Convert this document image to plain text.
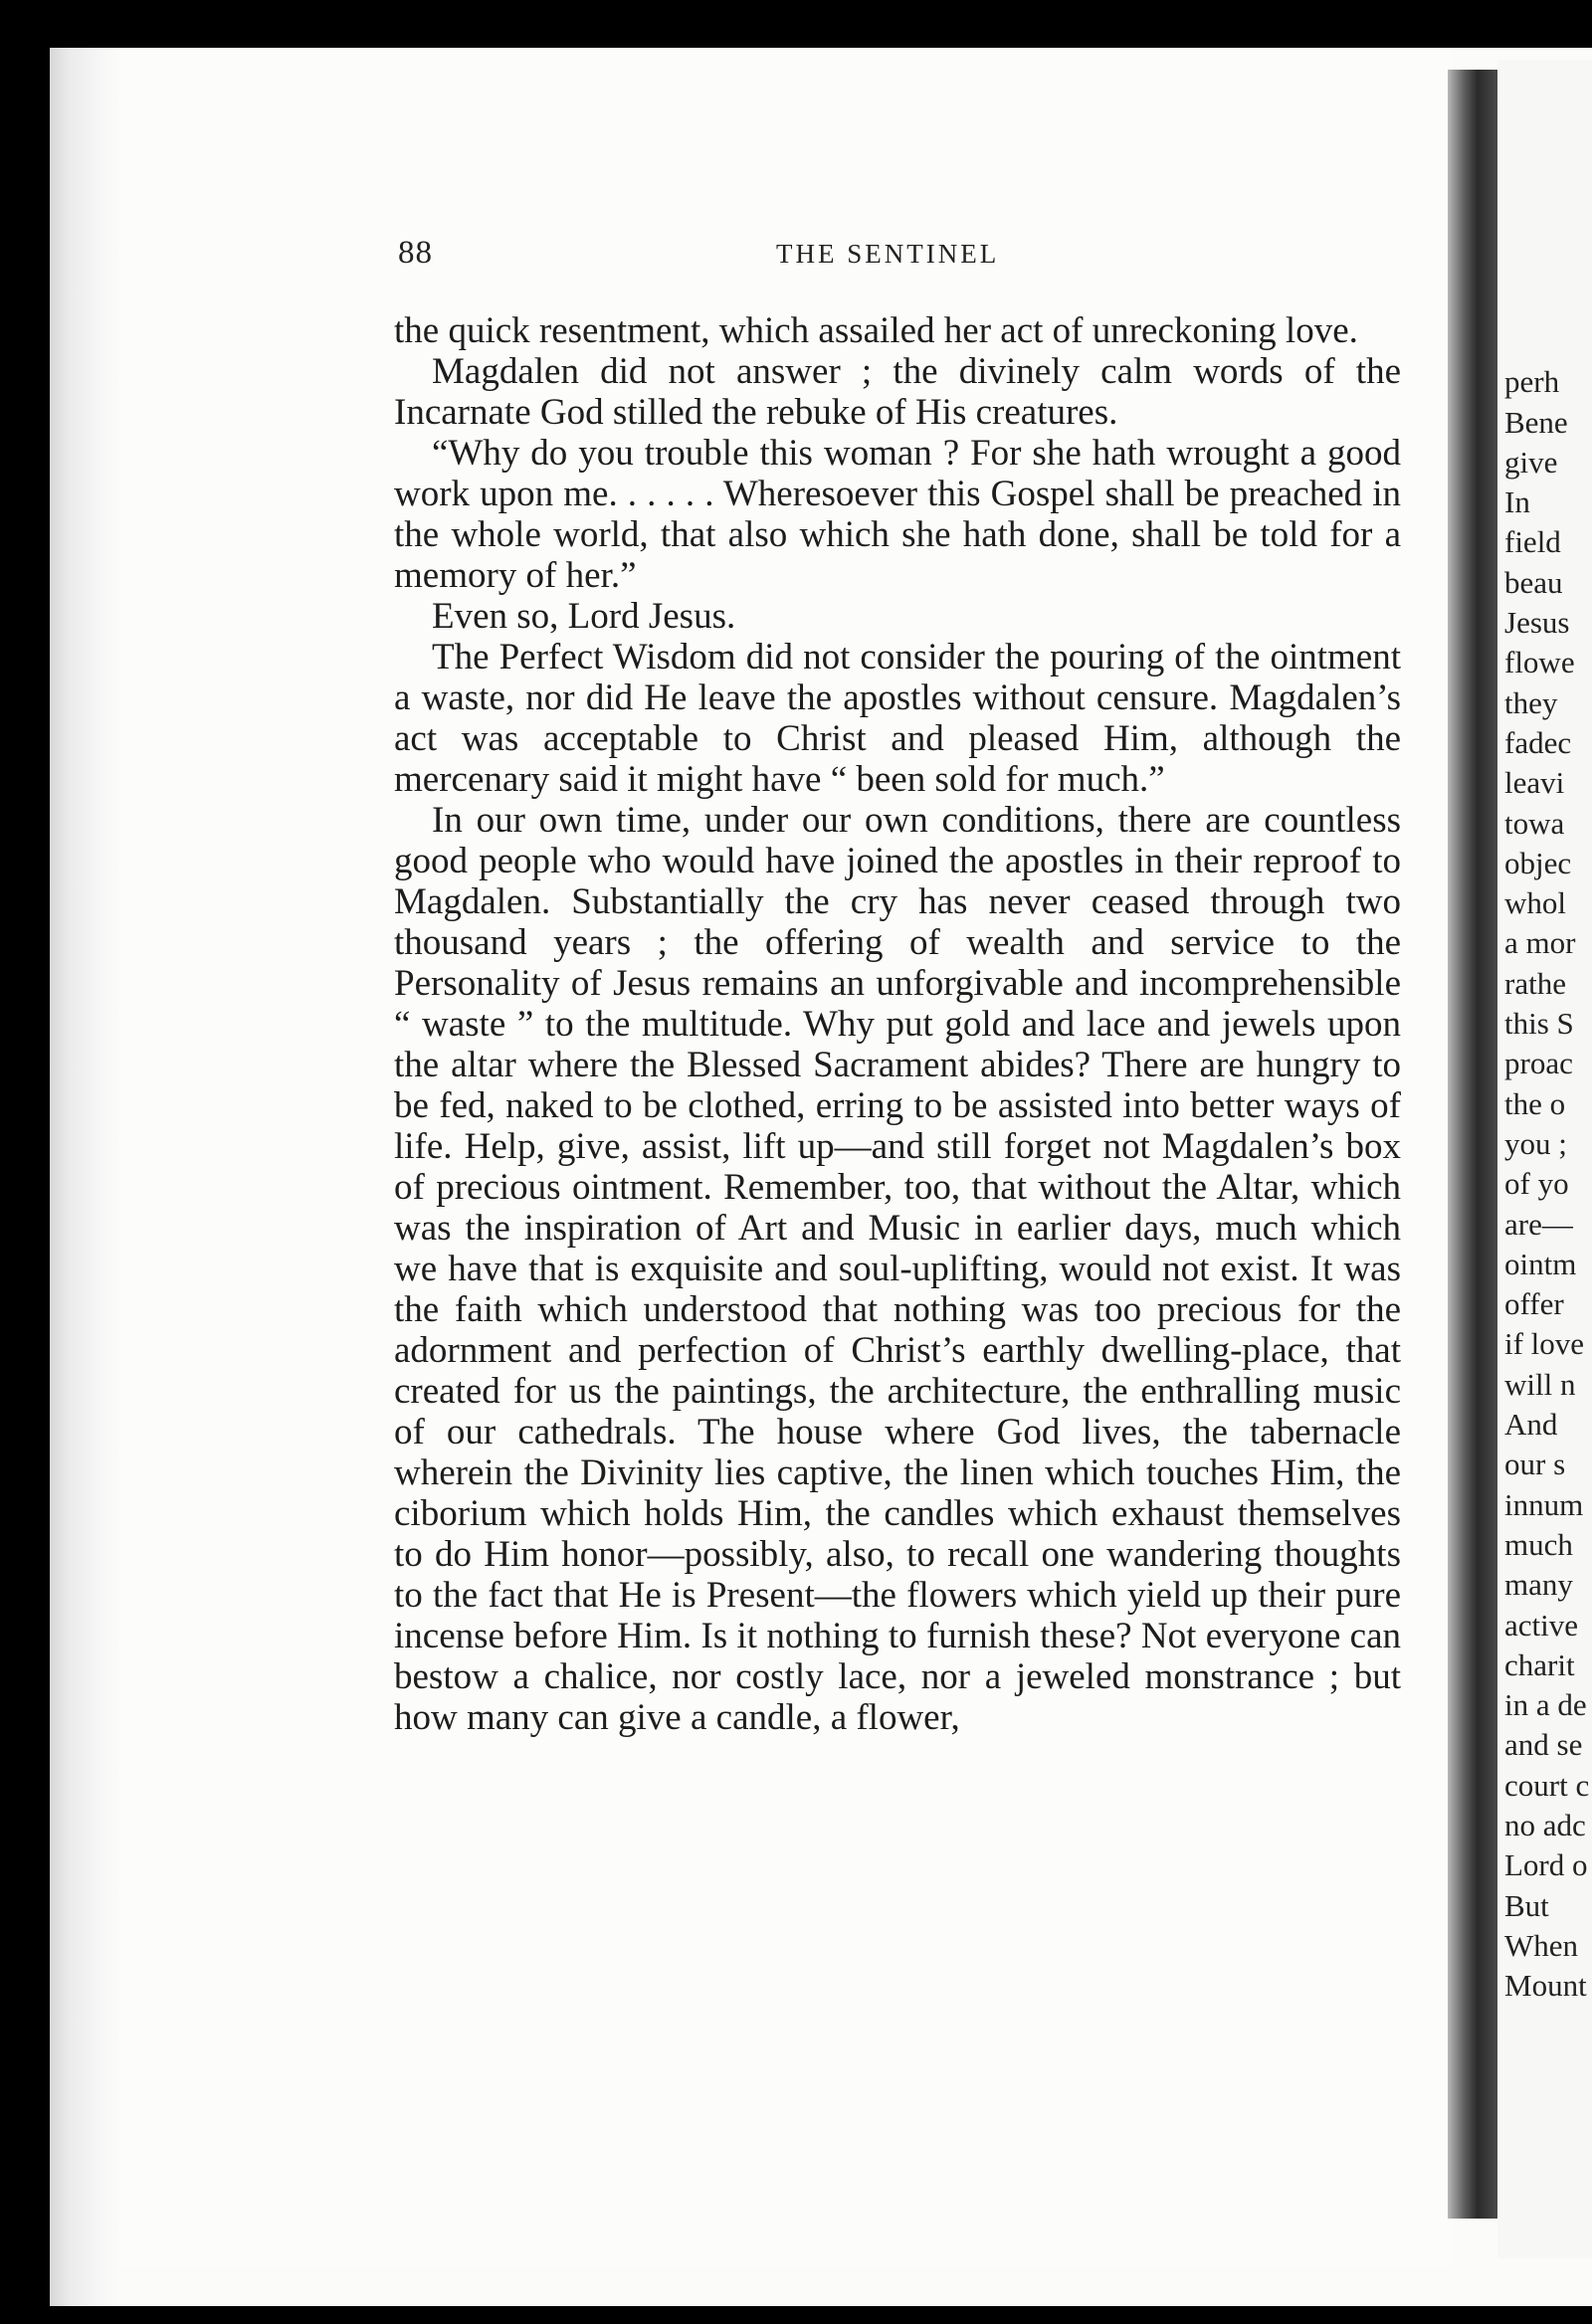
88	THE SENTINEL

the quick resentment, which assailed her act of unreckoning love.

Magdalen did not answer ; the divinely calm words of the Incarnate God stilled the rebuke of His creatures.

“Why do you trouble this woman ? For she hath wrought a good work upon me. . . . . . Wheresoever this Gospel shall be preached in the whole world, that also which she hath done, shall be told for a memory of her.”

Even so, Lord Jesus.

The Perfect Wisdom did not consider the pouring of the ointment a waste, nor did He leave the apostles without censure. Magdalen’s act was acceptable to Christ and pleased Him, although the mercenary said it might have “ been sold for much.”

In our own time, under our own conditions, there are countless good people who would have joined the apostles in their reproof to Magdalen. Substantially the cry has never ceased through two thousand years ; the offering of wealth and service to the Personality of Jesus remains an unforgivable and incomprehensible “ waste ” to the multitude. Why put gold and lace and jewels upon the altar where the Blessed Sacrament abides? There are hungry to be fed, naked to be clothed, erring to be assisted into better ways of life. Help, give, assist, lift up—and still forget not Magdalen’s box of precious ointment. Remember, too, that without the Altar, which was the inspiration of Art and Music in earlier days, much which we have that is exquisite and soul-uplifting, would not exist. It was the faith which understood that nothing was too precious for the adornment and perfection of Christ’s earthly dwelling-place, that created for us the paintings, the architecture, the enthralling music of our cathedrals. The house where God lives, the tabernacle wherein the Divinity lies captive, the linen which touches Him, the ciborium which holds Him, the candles which exhaust themselves to do Him honor—possibly, also, to recall one wandering thoughts to the fact that He is Present—the flowers which yield up their pure incense before Him. Is it nothing to furnish these? Not everyone can bestow a chalice, nor costly lace, nor a jeweled monstrance ; but how many can give a candle, a flower,

perh
Bene
give
In
field
beau
Jesus
flowe
they
fadec
leavi
towa
objec
whol
a mor
rathe
this S
proac
the o
you ;
of yo
are—
ointm
offer
if love
will n
And
our s
innum
much
many
active
charit
in a de
and se
court c
no adc
Lord o
But
When
Mount
